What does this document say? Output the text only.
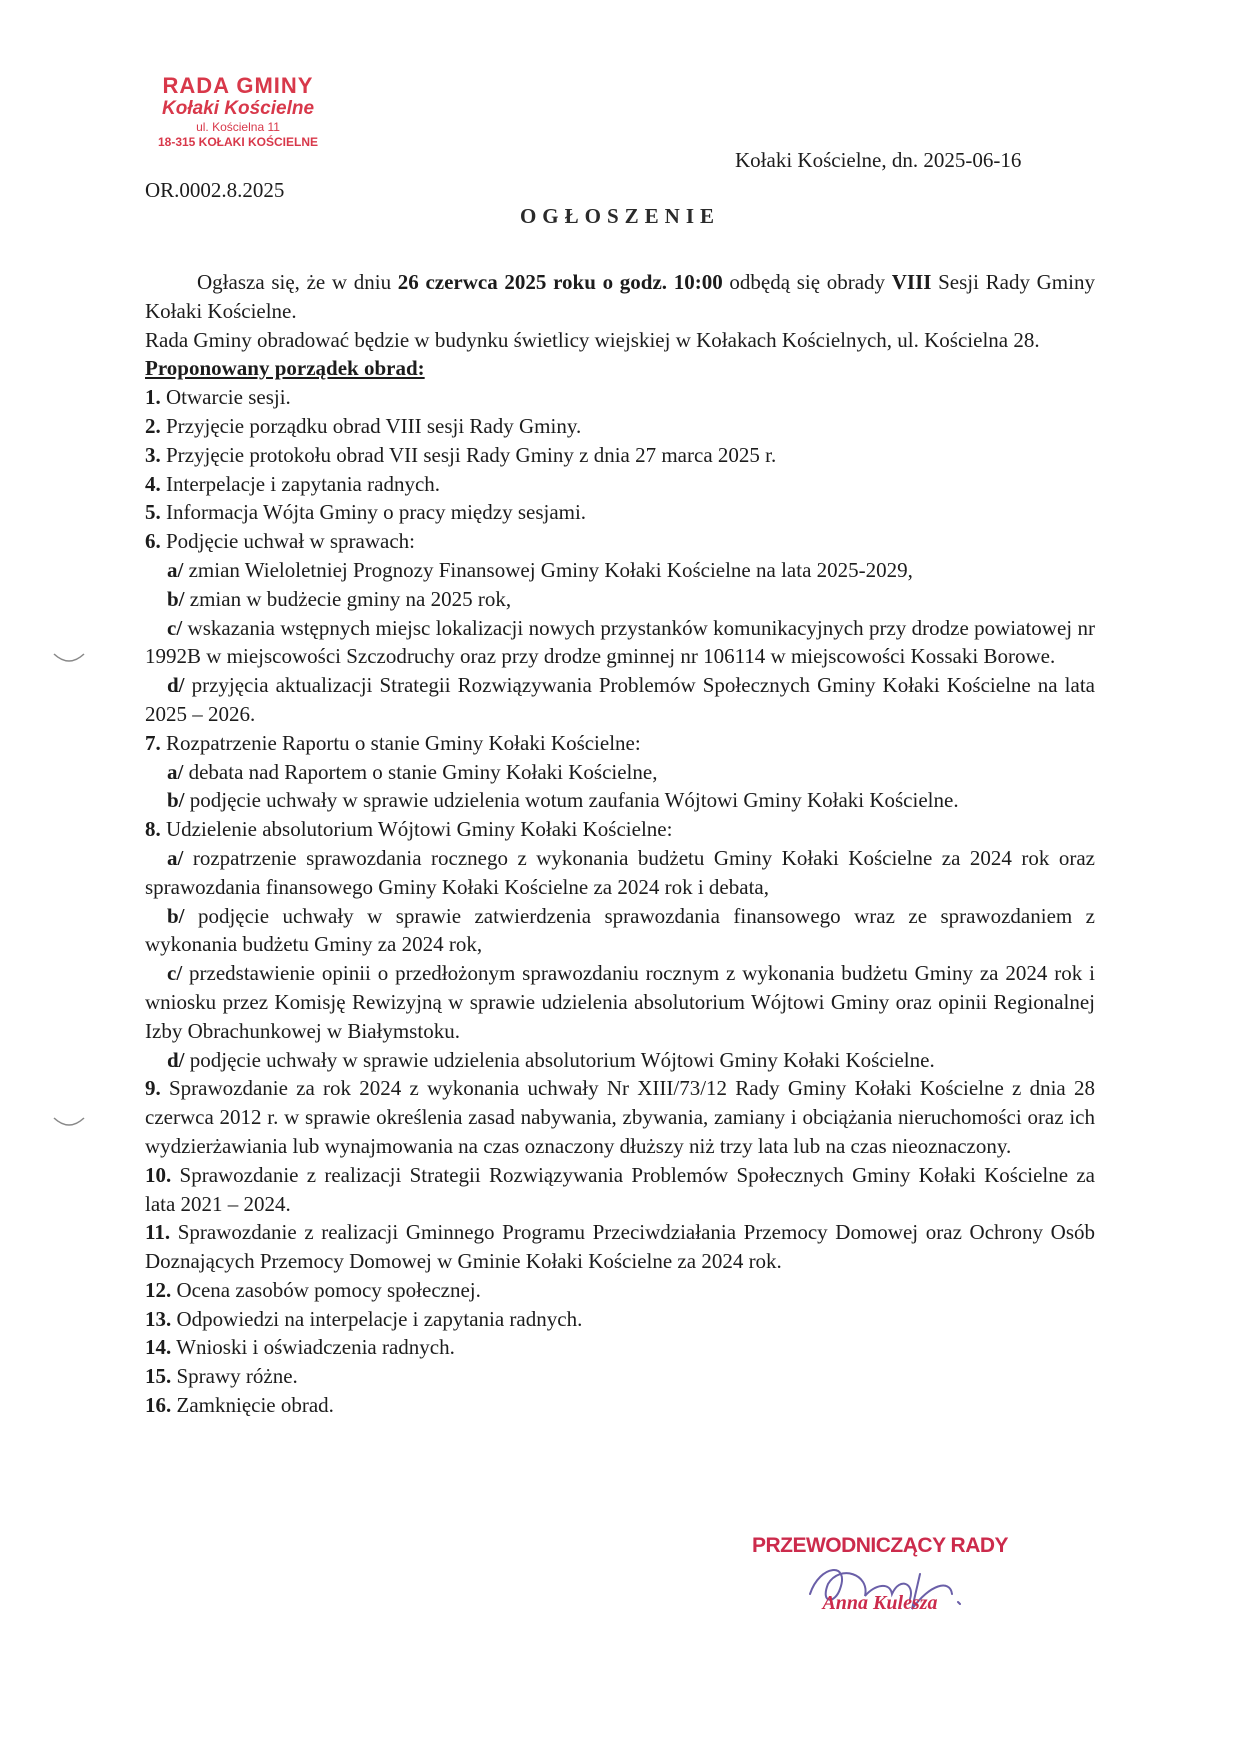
RADA GMINY
Kołaki Kościelne
ul. Kościelna 11
18-315 KOŁAKI KOŚCIELNE
Kołaki Kościelne, dn. 2025-06-16
OR.0002.8.2025
OGŁOSZENIE

Ogłasza się, że w dniu 26 czerwca 2025 roku o godz. 10:00 odbędą się obrady VIII Sesji Rady Gminy Kołaki Kościelne.

Rada Gminy obradować będzie w budynku świetlicy wiejskiej w Kołakach Kościelnych, ul. Kościelna 28.

Proponowany porządek obrad:

1. Otwarcie sesji.

2. Przyjęcie porządku obrad VIII sesji Rady Gminy.

3. Przyjęcie protokołu obrad VII sesji Rady Gminy z dnia 27 marca 2025 r.

4. Interpelacje i zapytania radnych.

5. Informacja Wójta Gminy o pracy między sesjami.

6. Podjęcie uchwał w sprawach:

a/ zmian Wieloletniej Prognozy Finansowej Gminy Kołaki Kościelne na lata 2025-2029,

b/ zmian w budżecie gminy na 2025 rok,

c/ wskazania wstępnych miejsc lokalizacji nowych przystanków komunikacyjnych przy drodze powiatowej nr 1992B w miejscowości Szczodruchy oraz przy drodze gminnej nr 106114 w miejscowości Kossaki Borowe.

d/ przyjęcia aktualizacji Strategii Rozwiązywania Problemów Społecznych Gminy Kołaki Kościelne na lata 2025 – 2026.

7. Rozpatrzenie Raportu o stanie Gminy Kołaki Kościelne:

a/ debata nad Raportem o stanie Gminy Kołaki Kościelne,

b/ podjęcie uchwały w sprawie udzielenia wotum zaufania Wójtowi Gminy Kołaki Kościelne.

8. Udzielenie absolutorium Wójtowi Gminy Kołaki Kościelne:

a/ rozpatrzenie sprawozdania rocznego z wykonania budżetu Gminy Kołaki Kościelne za 2024 rok oraz sprawozdania finansowego Gminy Kołaki Kościelne za 2024 rok i debata,

b/ podjęcie uchwały w sprawie zatwierdzenia sprawozdania finansowego wraz ze sprawozdaniem z wykonania budżetu Gminy za 2024 rok,

c/ przedstawienie opinii o przedłożonym sprawozdaniu rocznym z wykonania budżetu Gminy za 2024 rok i wniosku przez Komisję Rewizyjną w sprawie udzielenia absolutorium Wójtowi Gminy oraz opinii Regionalnej Izby Obrachunkowej w Białymstoku.

d/ podjęcie uchwały w sprawie udzielenia absolutorium Wójtowi Gminy Kołaki Kościelne.

9. Sprawozdanie za rok 2024 z wykonania uchwały Nr XIII/73/12 Rady Gminy Kołaki Kościelne z dnia 28 czerwca 2012 r. w sprawie określenia zasad nabywania, zbywania, zamiany i obciążania nieruchomości oraz ich wydzierżawiania lub wynajmowania na czas oznaczony dłuższy niż trzy lata lub na czas nieoznaczony.

10. Sprawozdanie z realizacji Strategii Rozwiązywania Problemów Społecznych Gminy Kołaki Kościelne za lata 2021 – 2024.

11. Sprawozdanie z realizacji Gminnego Programu Przeciwdziałania Przemocy Domowej oraz Ochrony Osób Doznających Przemocy Domowej w Gminie Kołaki Kościelne za 2024 rok.

12. Ocena zasobów pomocy społecznej.

13. Odpowiedzi na interpelacje i zapytania radnych.

14. Wnioski i oświadczenia radnych.

15. Sprawy różne.

16. Zamknięcie obrad.

PRZEWODNICZĄCY RADY
Anna Kulesza
